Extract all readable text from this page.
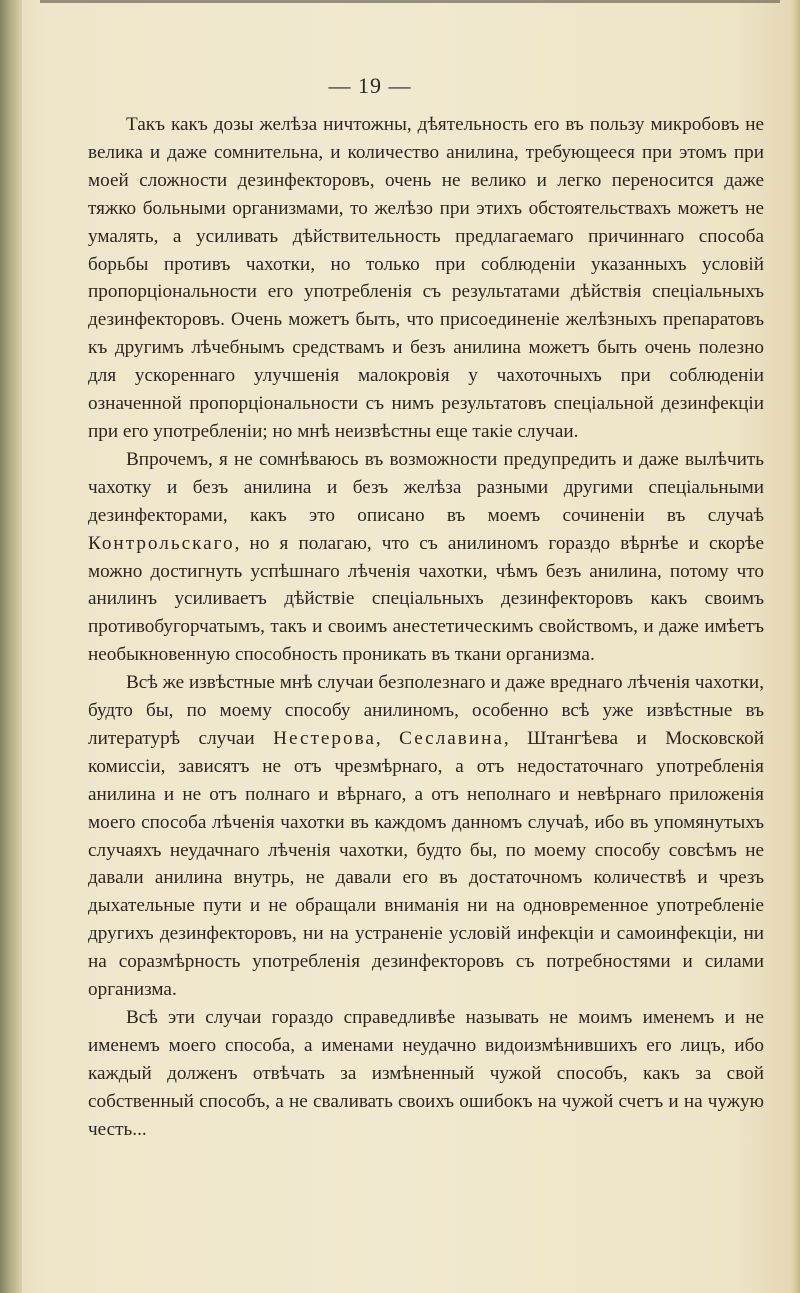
— 19 —

Такъ какъ дозы желѣза ничтожны, дѣятельность его въ пользу микробовъ не велика и даже сомнительна, и количество анилина, требующееся при этомъ при моей сложности дезинфекторовъ, очень не велико и легко переносится даже тяжко больными организмами, то желѣзо при этихъ обстоятельствахъ можетъ не умалять, а усиливать дѣйствительность предлагаемаго причиннаго способа борьбы противъ чахотки, но только при соблюденіи указанныхъ условій пропорціональности его употребленія съ результатами дѣйствія спеціальныхъ дезинфекторовъ. Очень можетъ быть, что присоединеніе желѣзныхъ препаратовъ къ другимъ лѣчебнымъ средствамъ и безъ анилина можетъ быть очень полезно для ускореннаго улучшенія малокровія у чахоточныхъ при соблюденіи означенной пропорціональности съ нимъ результатовъ спеціальной дезинфекціи при его употребленіи; но мнѣ неизвѣстны еще такіе случаи.

Впрочемъ, я не сомнѣваюсь въ возможности предупредить и даже вылѣчить чахотку и безъ анилина и безъ желѣза разными другими спеціальными дезинфекторами, какъ это описано въ моемъ сочиненіи въ случаѣ Контрольскаго, но я полагаю, что съ анилиномъ гораздо вѣрнѣе и скорѣе можно достигнуть успѣшнаго лѣченія чахотки, чѣмъ безъ анилина, потому что анилинъ усиливаетъ дѣйствіе спеціальныхъ дезинфекторовъ какъ своимъ противобугорчатымъ, такъ и своимъ анестетическимъ свойствомъ, и даже имѣетъ необыкновенную способность проникать въ ткани организма.

Всѣ же извѣстные мнѣ случаи безполезнаго и даже вреднаго лѣченія чахотки, будто бы, по моему способу анилиномъ, особенно всѣ уже извѣстные въ литературѣ случаи Нестерова, Сеславина, Штангѣева и Московской комиссіи, зависятъ не отъ чрезмѣрнаго, а отъ недостаточнаго употребленія анилина и не отъ полнаго и вѣрнаго, а отъ неполнаго и невѣрнаго приложенія моего способа лѣченія чахотки въ каждомъ данномъ случаѣ, ибо въ упомянутыхъ случаяхъ неудачнаго лѣченія чахотки, будто бы, по моему способу совсѣмъ не давали анилина внутрь, не давали его въ достаточномъ количествѣ и чрезъ дыхательные пути и не обращали вниманія ни на одновременное употребленіе другихъ дезинфекторовъ, ни на устраненіе условій инфекціи и самоинфекціи, ни на соразмѣрность употребленія дезинфекторовъ съ потребностями и силами организма.

Всѣ эти случаи гораздо справедливѣе называть не моимъ именемъ и не именемъ моего способа, а именами неудачно видоизмѣнившихъ его лицъ, ибо каждый долженъ отвѣчать за измѣненный чужой способъ, какъ за свой собственный способъ, а не сваливать своихъ ошибокъ на чужой счетъ и на чужую честь...
